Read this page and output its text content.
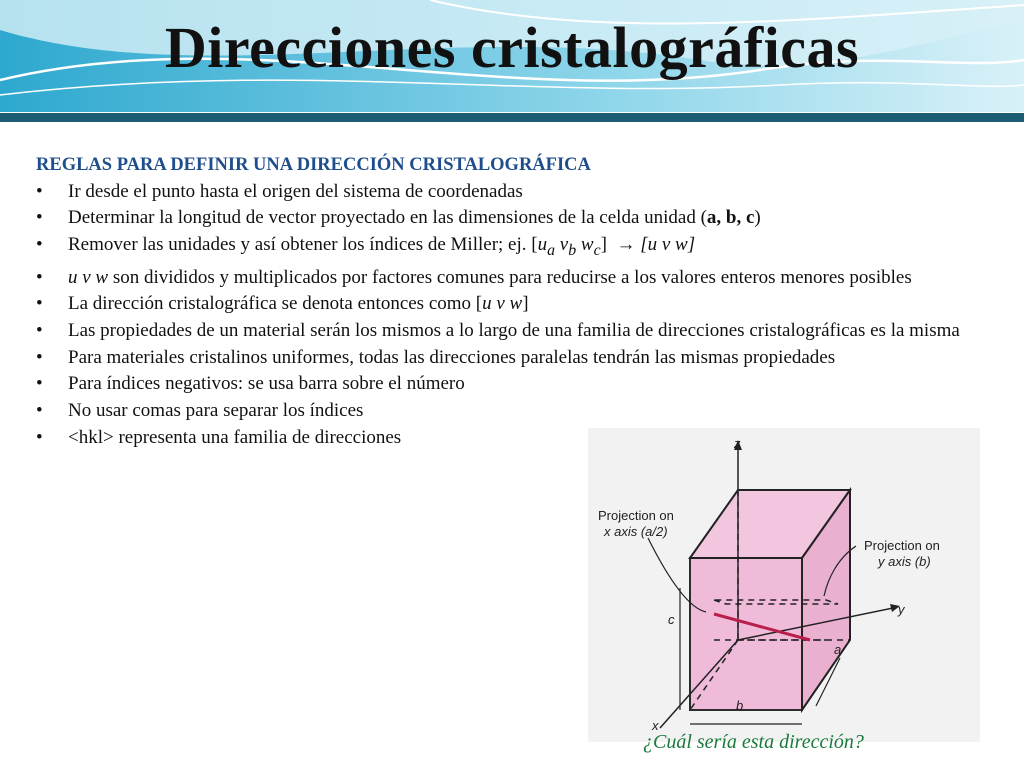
Direcciones cristalográficas
REGLAS PARA DEFINIR UNA DIRECCIÓN CRISTALOGRÁFICA
• Ir desde el punto hasta el origen del sistema de coordenadas
• Determinar la longitud de vector proyectado en las dimensiones de la celda unidad (a, b, c)
• Remover las unidades y así obtener los índices de Miller; ej. [$u_a$ $v_b$ $w_c] \to [u$ v w]
• u v w son divididos y multiplicados por factores comunes para reducirse a los valores enteros menores posibles
• La dirección cristalográfica se denota entonces como [u v w]
• Las propiedades de un material serán los mismos a lo largo de una familia de direcciones cristalográficas es la misma
• Para materiales cristalinos uniformes, todas las direcciones paralelas tendrán las mismas propiedades
• Para índices negativos: se usa barra sobre el número
• No usar comas para separar los índices
• <hkl> representa una familia de direcciones
Projection on
x axis (a/2)
Projection on
y axis (b)
z
y
x
c
b
a
¿Cuál sería esta dirección?
